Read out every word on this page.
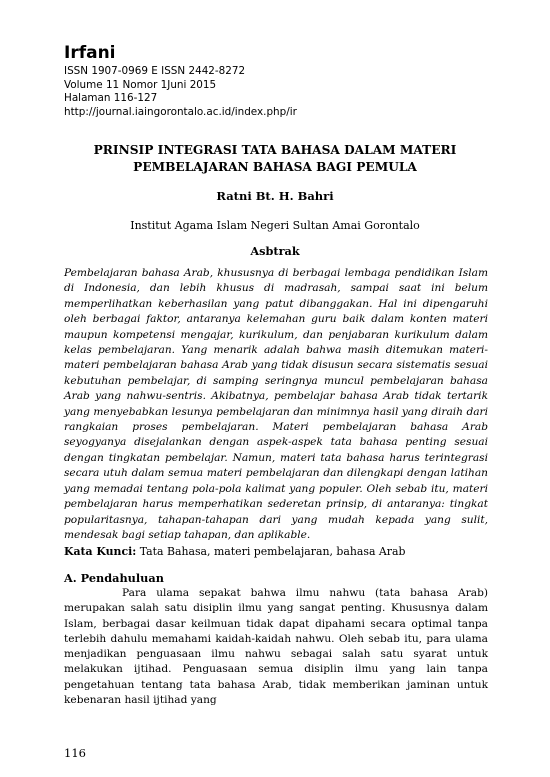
Irfani
ISSN 1907-0969 E ISSN 2442-8272
Volume 11 Nomor 1Juni 2015
Halaman 116-127
http://journal.iaingorontalo.ac.id/index.php/ir
PRINSIP INTEGRASI TATA BAHASA DALAM MATERI
PEMBELAJARAN BAHASA BAGI PEMULA
Ratni Bt. H. Bahri
Institut Agama Islam Negeri Sultan Amai Gorontalo
Asbtrak

Pembelajaran bahasa Arab, khususnya di berbagai lembaga pendidikan Islam di Indonesia, dan lebih khusus di madrasah, sampai saat ini belum memperlihatkan keberhasilan yang patut dibanggakan. Hal ini dipengaruhi oleh berbagai faktor, antaranya kelemahan guru baik dalam konten materi maupun kompetensi mengajar, kurikulum, dan penjabaran kurikulum dalam kelas pembelajaran. Yang menarik adalah bahwa masih ditemukan materi-materi pembelajaran bahasa Arab yang tidak disusun secara sistematis sesuai kebutuhan pembelajar, di samping seringnya muncul pembelajaran bahasa Arab yang nahwu-sentris. Akibatnya, pembelajar bahasa Arab tidak tertarik yang menyebabkan lesunya pembelajaran dan minimnya hasil yang diraih dari rangkaian proses pembelajaran. Materi pembelajaran bahasa Arab seyogyanya disejalankan dengan aspek-aspek tata bahasa penting sesuai dengan tingkatan pembelajar. Namun, materi tata bahasa harus terintegrasi secara utuh dalam semua materi pembelajaran dan dilengkapi dengan latihan yang memadai tentang pola-pola kalimat yang populer. Oleh sebab itu, materi pembelajaran harus memperhatikan sederetan prinsip, di antaranya: tingkat popularitasnya, tahapan-tahapan dari yang mudah kepada yang sulit, mendesak bagi setiap tahapan, dan aplikable.

Kata Kunci: Tata Bahasa, materi pembelajaran, bahasa Arab
A. Pendahuluan

Para ulama sepakat bahwa ilmu nahwu (tata bahasa Arab) merupakan salah satu disiplin ilmu yang sangat penting. Khususnya dalam Islam, berbagai dasar keilmuan tidak dapat dipahami secara optimal tanpa terlebih dahulu memahami kaidah-kaidah nahwu. Oleh sebab itu, para ulama menjadikan penguasaan ilmu nahwu sebagai salah satu syarat untuk melakukan ijtihad. Penguasaan semua disiplin ilmu yang lain tanpa pengetahuan tentang tata bahasa Arab, tidak memberikan jaminan untuk kebenaran hasil ijtihad yang

116
